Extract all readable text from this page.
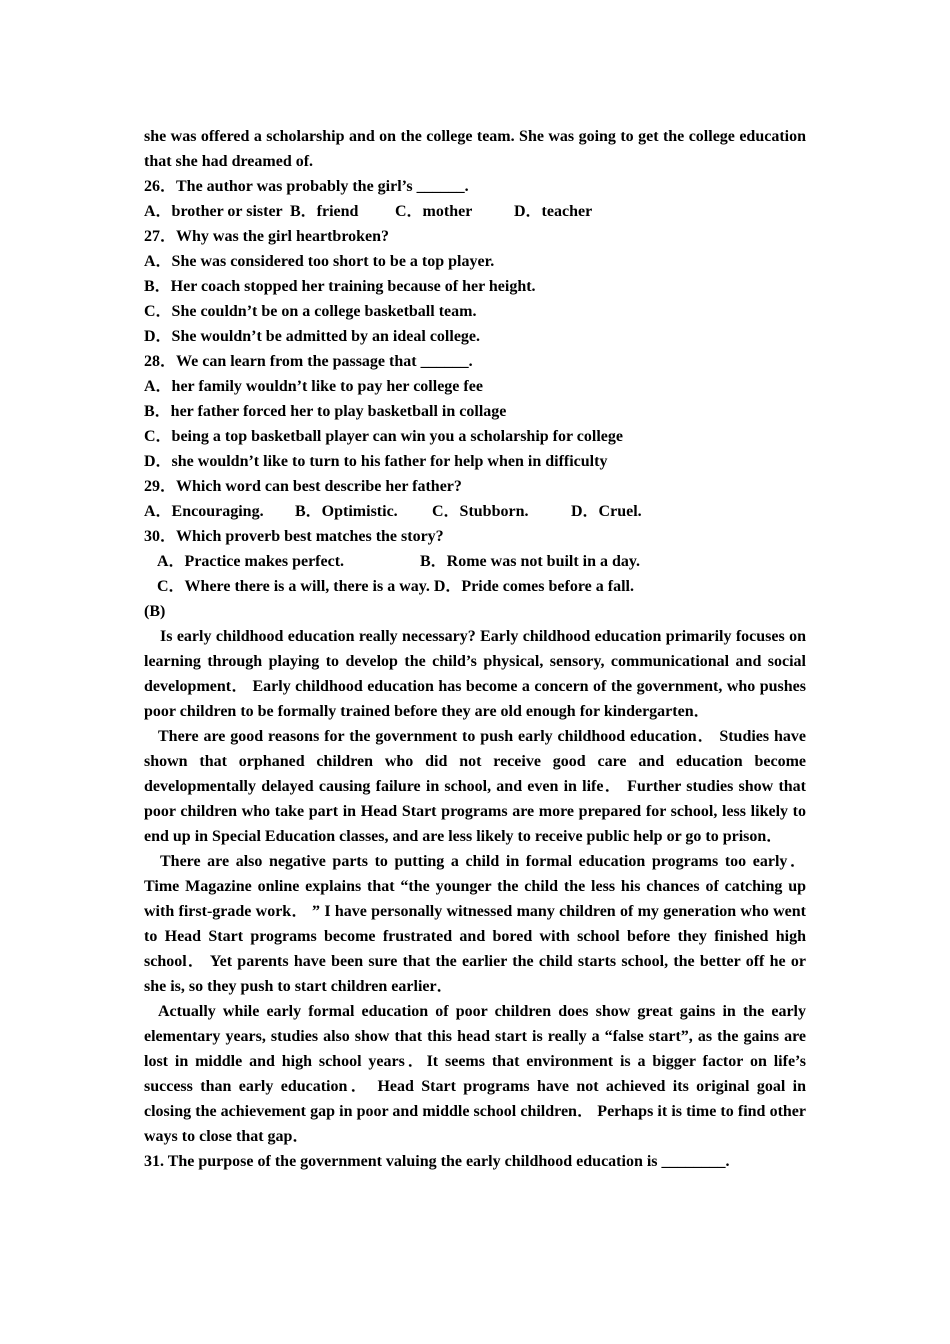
she was offered a scholarship and on the college team. She was going to get the college education that she had dreamed of.

26．The author was probably the girl’s ______.

A．brother or sister B．friend	C．mother	D．teacher

27．Why was the girl heartbroken?

A．She was considered too short to be a top player.

B．Her coach stopped her training because of her height.

C．She couldn’t be on a college basketball team.

D．She wouldn’t be admitted by an ideal college.

28．We can learn from the passage that ______.

A．her family wouldn’t like to pay her college fee

B．her father forced her to play basketball in collage

C．being a top basketball player can win you a scholarship for college

D．she wouldn’t like to turn to his father for help when in difficulty

29．Which word can best describe her father?

A．Encouraging.	B．Optimistic.	C．Stubborn.	D．Cruel.

30．Which proverb best matches the story?

A．Practice makes perfect.	B．Rome was not built in a day.
C．Where there is a will, there is a way. D．Pride comes before a fall.

(B)

Is early childhood education really necessary? Early childhood education primarily focuses on learning through playing to develop the child’s physical, sensory, communicational and social development． Early childhood education has become a concern of the government, who pushes poor children to be formally trained before they are old enough for kindergarten．

There are good reasons for the government to push early childhood education． Studies have shown that orphaned children who did not receive good care and education become developmentally delayed causing failure in school, and even in life． Further studies show that poor children who take part in Head Start programs are more prepared for school, less likely to end up in Special Education classes, and are less likely to receive public help or go to prison．

There are also negative parts to putting a child in formal education programs too early． Time Magazine online explains that “the younger the child the less his chances of catching up with first-grade work． ” I have personally witnessed many children of my generation who went to Head Start programs become frustrated and bored with school before they finished high school． Yet parents have been sure that the earlier the child starts school, the better off he or she is, so they push to start children earlier．

Actually while early formal education of poor children does show great gains in the early elementary years, studies also show that this head start is really a “false start”, as the gains are lost in middle and high school years．It seems that environment is a bigger factor on life’s success than early education． Head Start programs have not achieved its original goal in closing the achievement gap in poor and middle school children． Perhaps it is time to find other ways to close that gap．

31. The purpose of the government valuing the early childhood education is ________.
